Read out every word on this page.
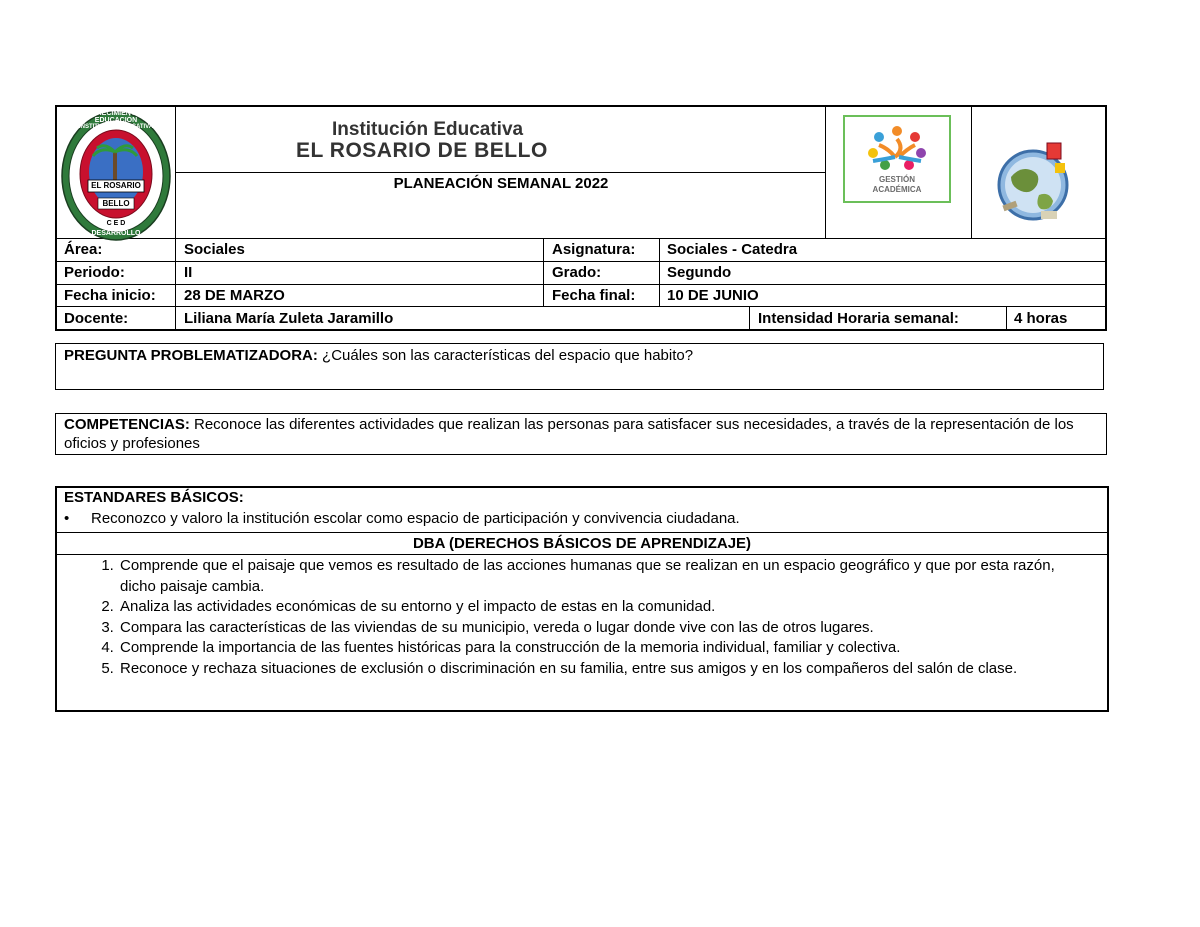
CRECIMIENTO EDUCACIÓN
INSTITUCIÓN EDUCATIVA
EL ROSARIO
BELLO
C E D
DESARROLLO
Institución Educativa
EL ROSARIO DE BELLO
PLANEACIÓN SEMANAL 2022	GESTIÓN
ACADÉMICA
Área:	Sociales	Asignatura: Sociales - Catedra
Periodo:	II	Grado:	Segundo
Fecha inicio: 28 DE MARZO	Fecha final: 10 DE JUNIO
Docente:	Liliana María Zuleta Jaramillo	Intensidad Horaria semanal:	4 horas
PREGUNTA PROBLEMATIZADORA: ¿Cuáles son las características del espacio que habito?
COMPETENCIAS: Reconoce las diferentes actividades que realizan las personas para satisfacer sus necesidades, a través de la representación de los oficios y profesiones
ESTANDARES BÁSICOS:
• Reconozco y valoro la institución escolar como espacio de participación y convivencia ciudadana.
DBA (DERECHOS BÁSICOS DE APRENDIZAJE)
1. Comprende que el paisaje que vemos es resultado de las acciones humanas que se realizan en un espacio geográfico y que por esta razón, dicho paisaje cambia.
2. Analiza las actividades económicas de su entorno y el impacto de estas en la comunidad.
3. Compara las características de las viviendas de su municipio, vereda o lugar donde vive con las de otros lugares.
4. Comprende la importancia de las fuentes históricas para la construcción de la memoria individual, familiar y colectiva.
5. Reconoce y rechaza situaciones de exclusión o discriminación en su familia, entre sus amigos y en los compañeros del salón de clase.
